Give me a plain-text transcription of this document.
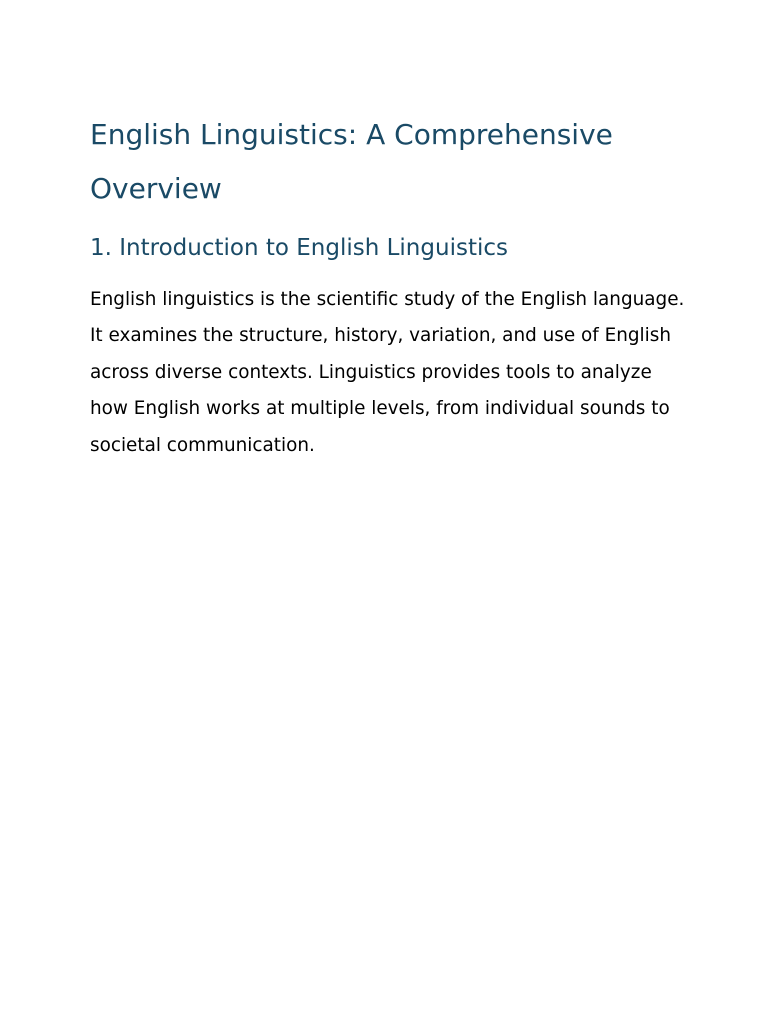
English Linguistics: A Comprehensive Overview
1. Introduction to English Linguistics

English linguistics is the scientific study of the English language. It examines the structure, history, variation, and use of English across diverse contexts. Linguistics provides tools to analyze how English works at multiple levels, from individual sounds to societal communication.
